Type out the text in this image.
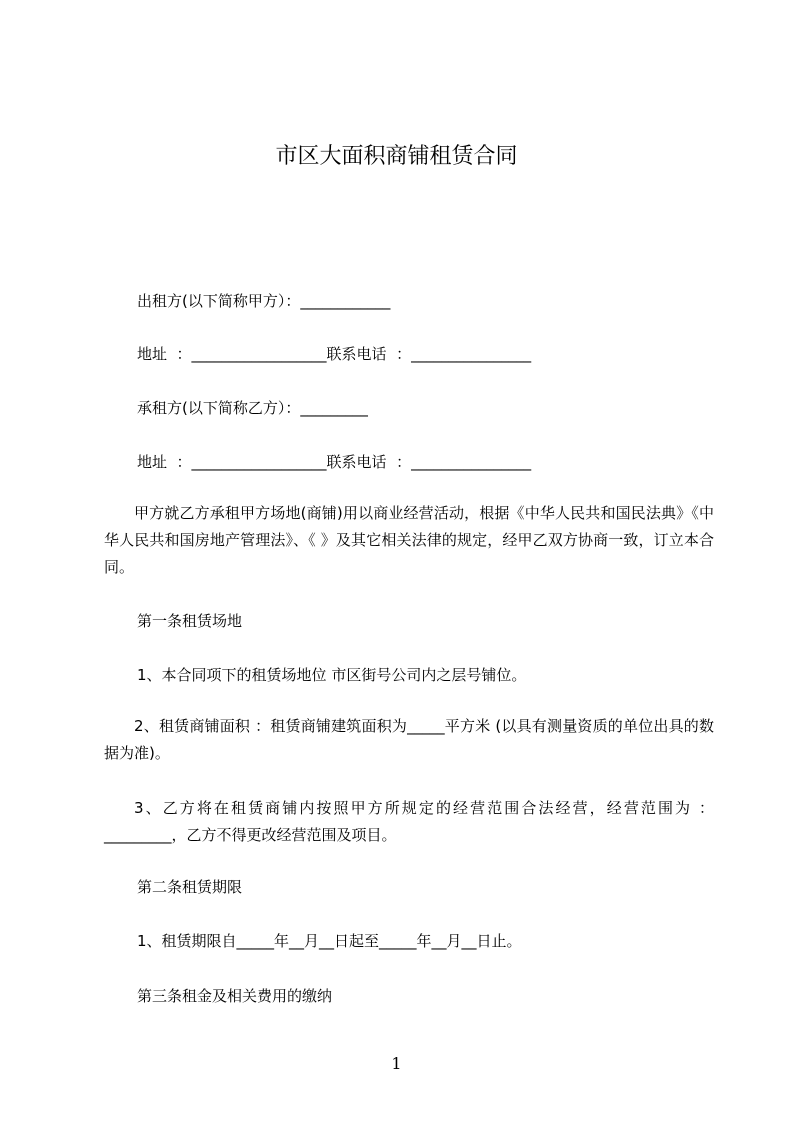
市区大面积商铺租赁合同
出租方(以下简称甲方）：____________
地址  ：__________________联系电话  ：________________
承租方(以下简称乙方）：_________
地址  ：__________________联系电话  ：________________
甲方就乙方承租甲方场地(商铺)用以商业经营活动，根据《中华人民共和国民法典》《中华人民共和国房地产管理法》、《 》及其它相关法律的规定，经甲乙双方协商一致，订立本合同。
第一条租赁场地
1、本合同项下的租赁场地位 市区街号公司内之层号铺位。
2、租赁商铺面积 ：租赁商铺建筑面积为_____平方米 (以具有测量资质的单位出具的数据为准)。
3、乙方将在租赁商铺内按照甲方所规定的经营范围合法经营，经营范围为 ：_________，乙方不得更改经营范围及项目。
第二条租赁期限
1、租赁期限自_____年__月__日起至_____年__月__日止。
第三条租金及相关费用的缴纳
1
